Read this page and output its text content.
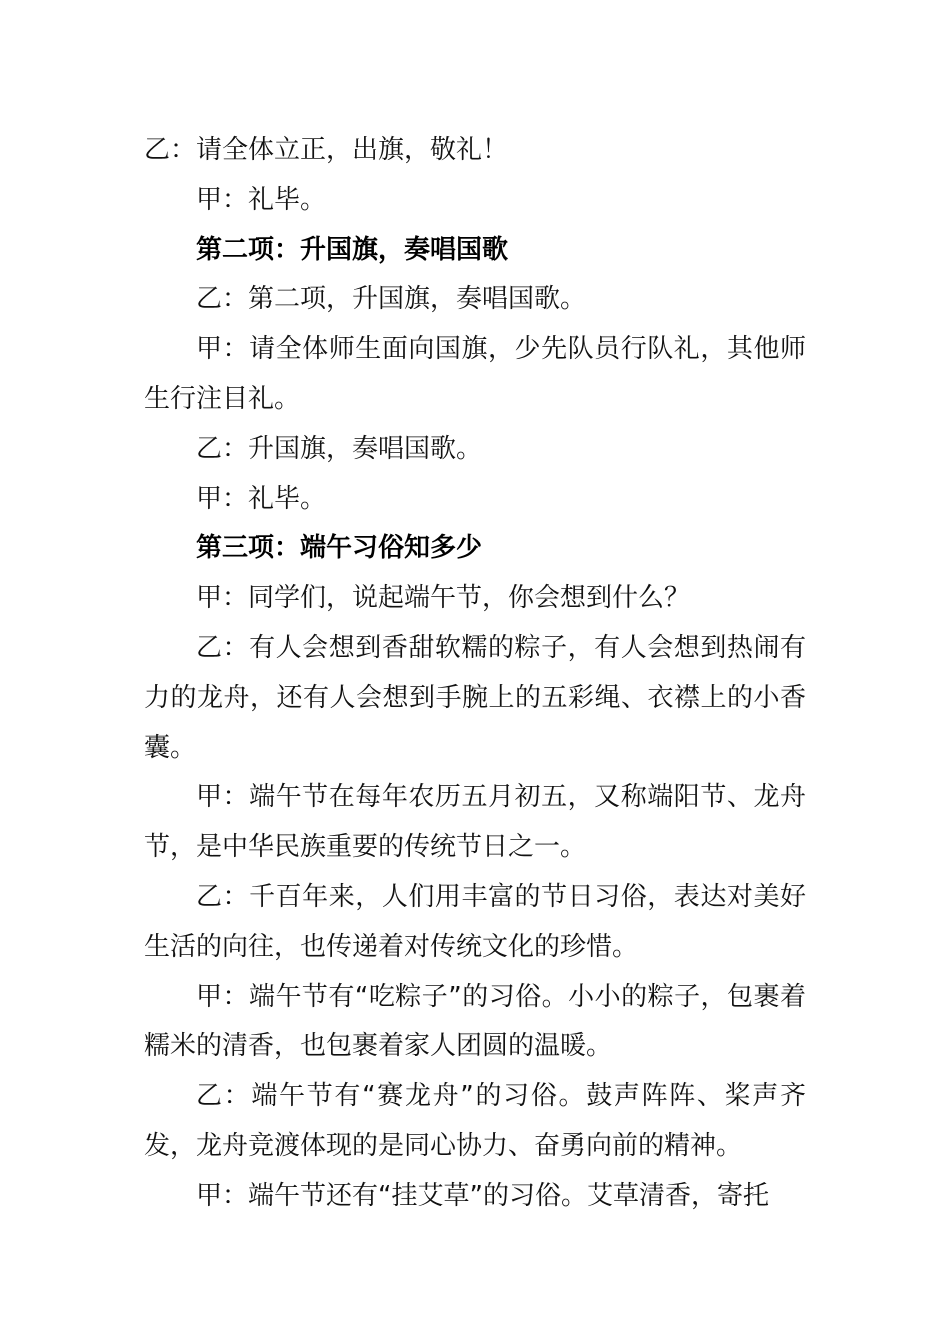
乙：请全体立正，出旗，敬礼！

甲：礼毕。

第二项：升国旗，奏唱国歌

乙：第二项，升国旗，奏唱国歌。

甲：请全体师生面向国旗，少先队员行队礼，其他师生行注目礼。

乙：升国旗，奏唱国歌。

甲：礼毕。

第三项：端午习俗知多少

甲：同学们，说起端午节，你会想到什么？

乙：有人会想到香甜软糯的粽子，有人会想到热闹有力的龙舟，还有人会想到手腕上的五彩绳、衣襟上的小香囊。

甲：端午节在每年农历五月初五，又称端阳节、龙舟节，是中华民族重要的传统节日之一。

乙：千百年来，人们用丰富的节日习俗，表达对美好生活的向往，也传递着对传统文化的珍惜。

甲：端午节有“吃粽子”的习俗。小小的粽子，包裹着糯米的清香，也包裹着家人团圆的温暖。

乙：端午节有“赛龙舟”的习俗。鼓声阵阵、桨声齐发，龙舟竞渡体现的是同心协力、奋勇向前的精神。

甲：端午节还有“挂艾草”的习俗。艾草清香，寄托
